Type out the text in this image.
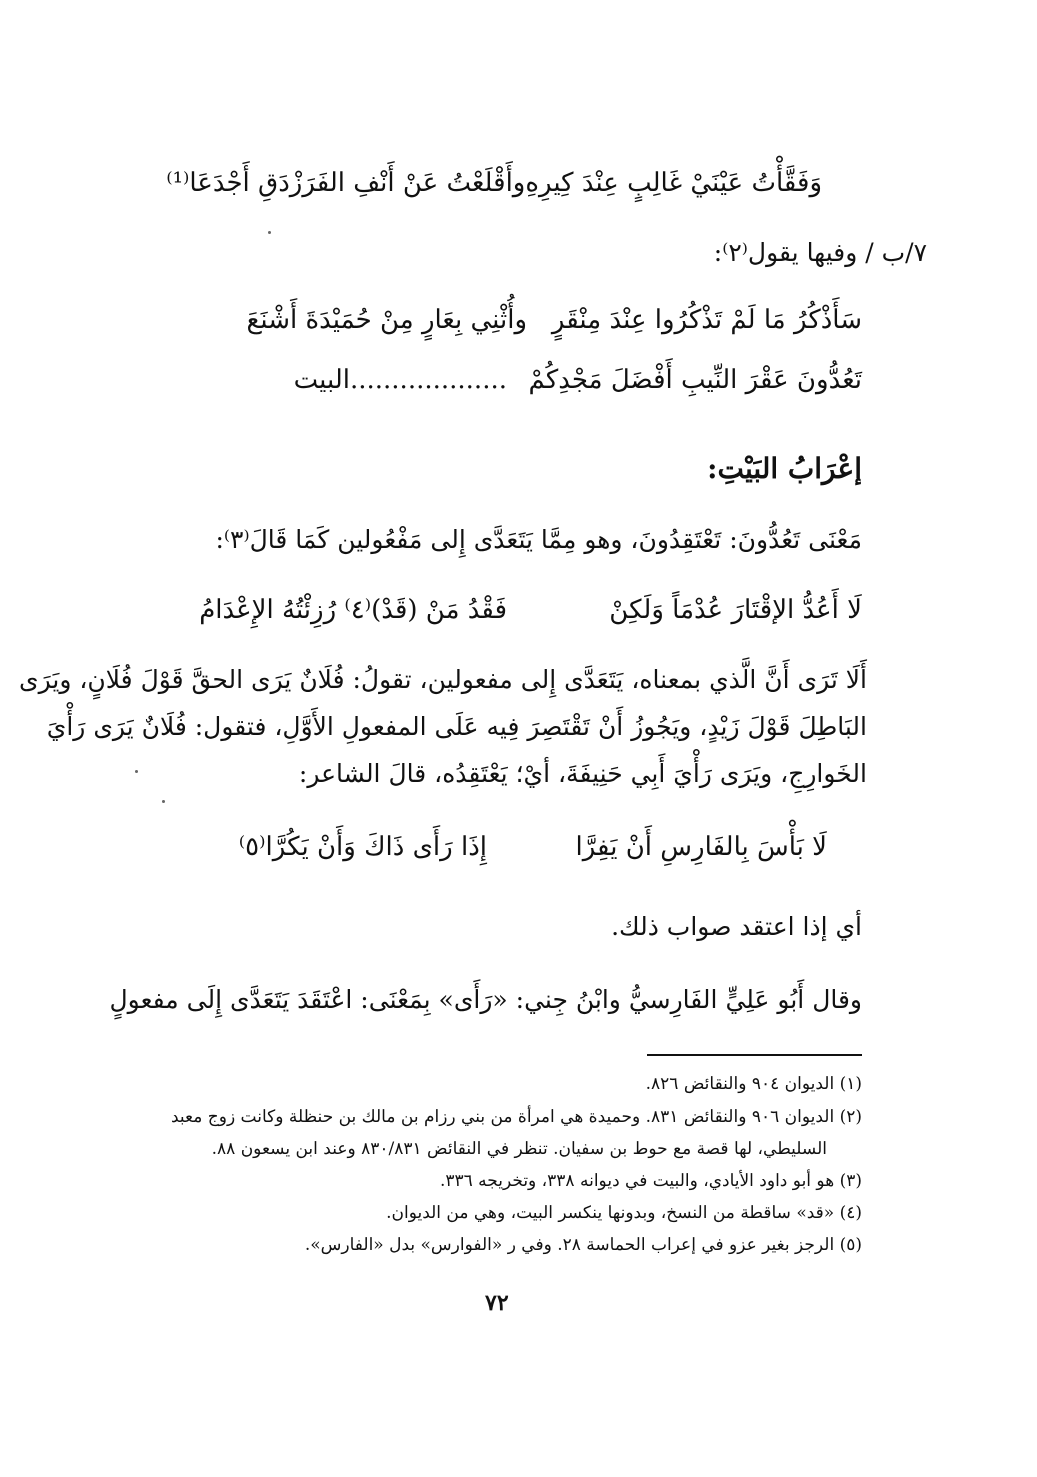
وَفَقَّأْتُ عَيْنَيْ غَالِبٍ عِنْدَ كِيرِهِ
وأَقْلَعْتُ عَنْ أَنْفِ الفَرَزْدَقِ أَجْدَعَا⁽¹⁾
٧/ب / وفيها يقول⁽٢⁾:
سَأَذْكُرُ مَا لَمْ تَذْكُرُوا عِنْدَ مِنْقَرٍ
وأُثْنِي بِعَارٍ مِنْ حُمَيْدَةَ أَشْنَعَ
تَعُدُّونَ عَقْرَ النِّيبِ أَفْضَلَ مَجْدِكُمْ
...................البيت
إعْرَابُ البَيْتِ:
مَعْنَى تَعُدُّونَ: تَعْتَقِدُونَ، وهو مِمَّا يَتَعَدَّى إِلى مَفْعُولين كَمَا قَالَ⁽٣⁾:
لَا أَعُدُّ الإقْتَارَ عُدْمَاً وَلَكِنْ
فَقْدُ مَنْ (قَدْ)⁽٤⁾ رُزِئْتُهُ الإِعْدَامُ
أَلَا تَرَى أَنَّ الَّذي بمعناه، يَتَعَدَّى إِلى مفعولين، تقولُ: فُلَانٌ يَرَى الحقَّ قَوْلَ فُلَانٍ، ويَرَى
البَاطِلَ قَوْلَ زَيْدٍ، ويَجُوزُ أَنْ تَقْتَصِرَ فِيه عَلَى المفعولِ الأَوَّلِ، فتقول: فُلَانٌ يَرَى رَأْيَ
الخَوارِجِ، ويَرَى رَأْيَ أَبِي حَنِيفَةَ، أيْ؛ يَعْتَقِدُه، قالَ الشاعر:
لَا بَأْسَ بِالفَارِسِ أَنْ يَفِرَّا
إِذَا رَأَى ذَاكَ وَأَنْ يَكُرَّا⁽٥⁾
أي إذا اعتقد صواب ذلك.
وقال أَبُو عَلِيٍّ الفَارِسيُّ وابْنُ جِني: «رَأَى» بِمَعْنَى: اعْتَقَدَ يَتَعَدَّى إِلَى مفعولٍ
(١) الديوان ٩٠٤ والنقائض ٨٢٦.
(٢) الديوان ٩٠٦ والنقائض ٨٣١. وحميدة هي امرأة من بني رزام بن مالك بن حنظلة وكانت زوج معبد
السليطي، لها قصة مع حوط بن سفيان. تنظر في النقائض ٨٣٠/٨٣١ وعند ابن يسعون ٨٨.
(٣) هو أبو داود الأيادي، والبيت في ديوانه ٣٣٨، وتخريجه ٣٣٦.
(٤) «قد» ساقطة من النسخ، وبدونها ينكسر البيت، وهي من الديوان.
(٥) الرجز بغير عزو في إعراب الحماسة ٢٨. وفي ر «الفوارس» بدل «الفارس».
٧٢
